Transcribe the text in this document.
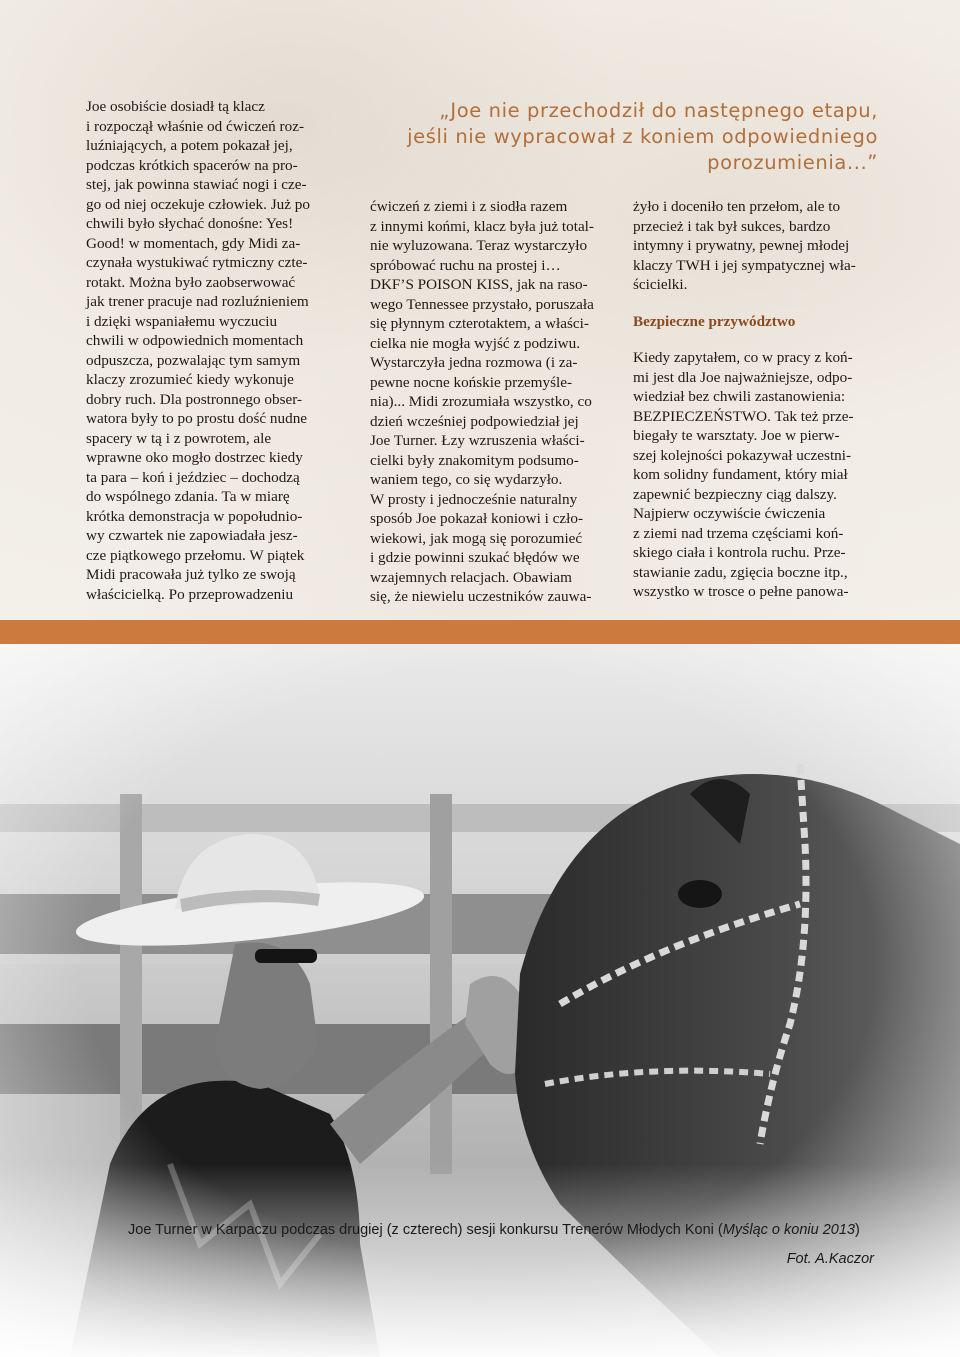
Joe osobiście dosiadł tą klacz
i rozpoczął właśnie od ćwiczeń roz-
luźniających, a potem pokazał jej,
podczas krótkich spacerów na pro-
stej, jak powinna stawiać nogi i cze-
go od niej oczekuje człowiek. Już po
chwili było słychać donośne: Yes!
Good! w momentach, gdy Midi za-
czynała wystukiwać rytmiczny czte-
rotakt. Można było zaobserwować
jak trener pracuje nad rozluźnieniem
i dzięki wspaniałemu wyczuciu
chwili w odpowiednich momentach
odpuszcza, pozwalając tym samym
klaczy zrozumieć kiedy wykonuje
dobry ruch. Dla postronnego obser-
watora były to po prostu dość nudne
spacery w tą i z powrotem, ale
wprawne oko mogło dostrzec kiedy
ta para – koń i jeździec – dochodzą
do wspólnego zdania. Ta w miarę
krótka demonstracja w popołudnio-
wy czwartek nie zapowiadała jesz-
cze piątkowego przełomu. W piątek
Midi pracowała już tylko ze swoją
właścicielką. Po przeprowadzeniu

„Joe nie przechodził do następnego etapu,
jeśli nie wypracował z koniem odpowiedniego
porozumienia...”

ćwiczeń z ziemi i z siodła razem
z innymi końmi, klacz była już total-
nie wyluzowana. Teraz wystarczyło
spróbować ruchu na prostej i…
DKF’S POISON KISS, jak na raso-
wego Tennessee przystało, poruszała
się płynnym czterotaktem, a właści-
cielka nie mogła wyjść z podziwu.
Wystarczyła jedna rozmowa (i za-
pewne nocne końskie przemyśle-
nia)... Midi zrozumiała wszystko, co
dzień wcześniej podpowiedział jej
Joe Turner. Łzy wzruszenia właści-
cielki były znakomitym podsumo-
waniem tego, co się wydarzyło.
W prosty i jednocześnie naturalny
sposób Joe pokazał koniowi i czło-
wiekowi, jak mogą się porozumieć
i gdzie powinni szukać błędów we
wzajemnych relacjach. Obawiam
się, że niewielu uczestników zauwa-

żyło i doceniło ten przełom, ale to
przecież i tak był sukces, bardzo
intymny i prywatny, pewnej młodej
klaczy TWH i jej sympatycznej wła-
ścicielki.

Bezpieczne przywództwo

Kiedy zapytałem, co w pracy z koń-
mi jest dla Joe najważniejsze, odpo-
wiedział bez chwili zastanowienia:
BEZPIECZEŃSTWO. Tak też prze-
biegały te warsztaty. Joe w pierw-
szej kolejności pokazywał uczestni-
kom solidny fundament, który miał
zapewnić bezpieczny ciąg dalszy.
Najpierw oczywiście ćwiczenia
z ziemi nad trzema częściami koń-
skiego ciała i kontrola ruchu. Prze-
stawianie zadu, zgięcia boczne itp.,
wszystko w trosce o pełne panowa-

Joe Turner w Karpaczu podczas drugiej (z czterech) sesji konkursu Trenerów Młodych Koni (Myśląc o koniu 2013)
Fot. A.Kaczor
